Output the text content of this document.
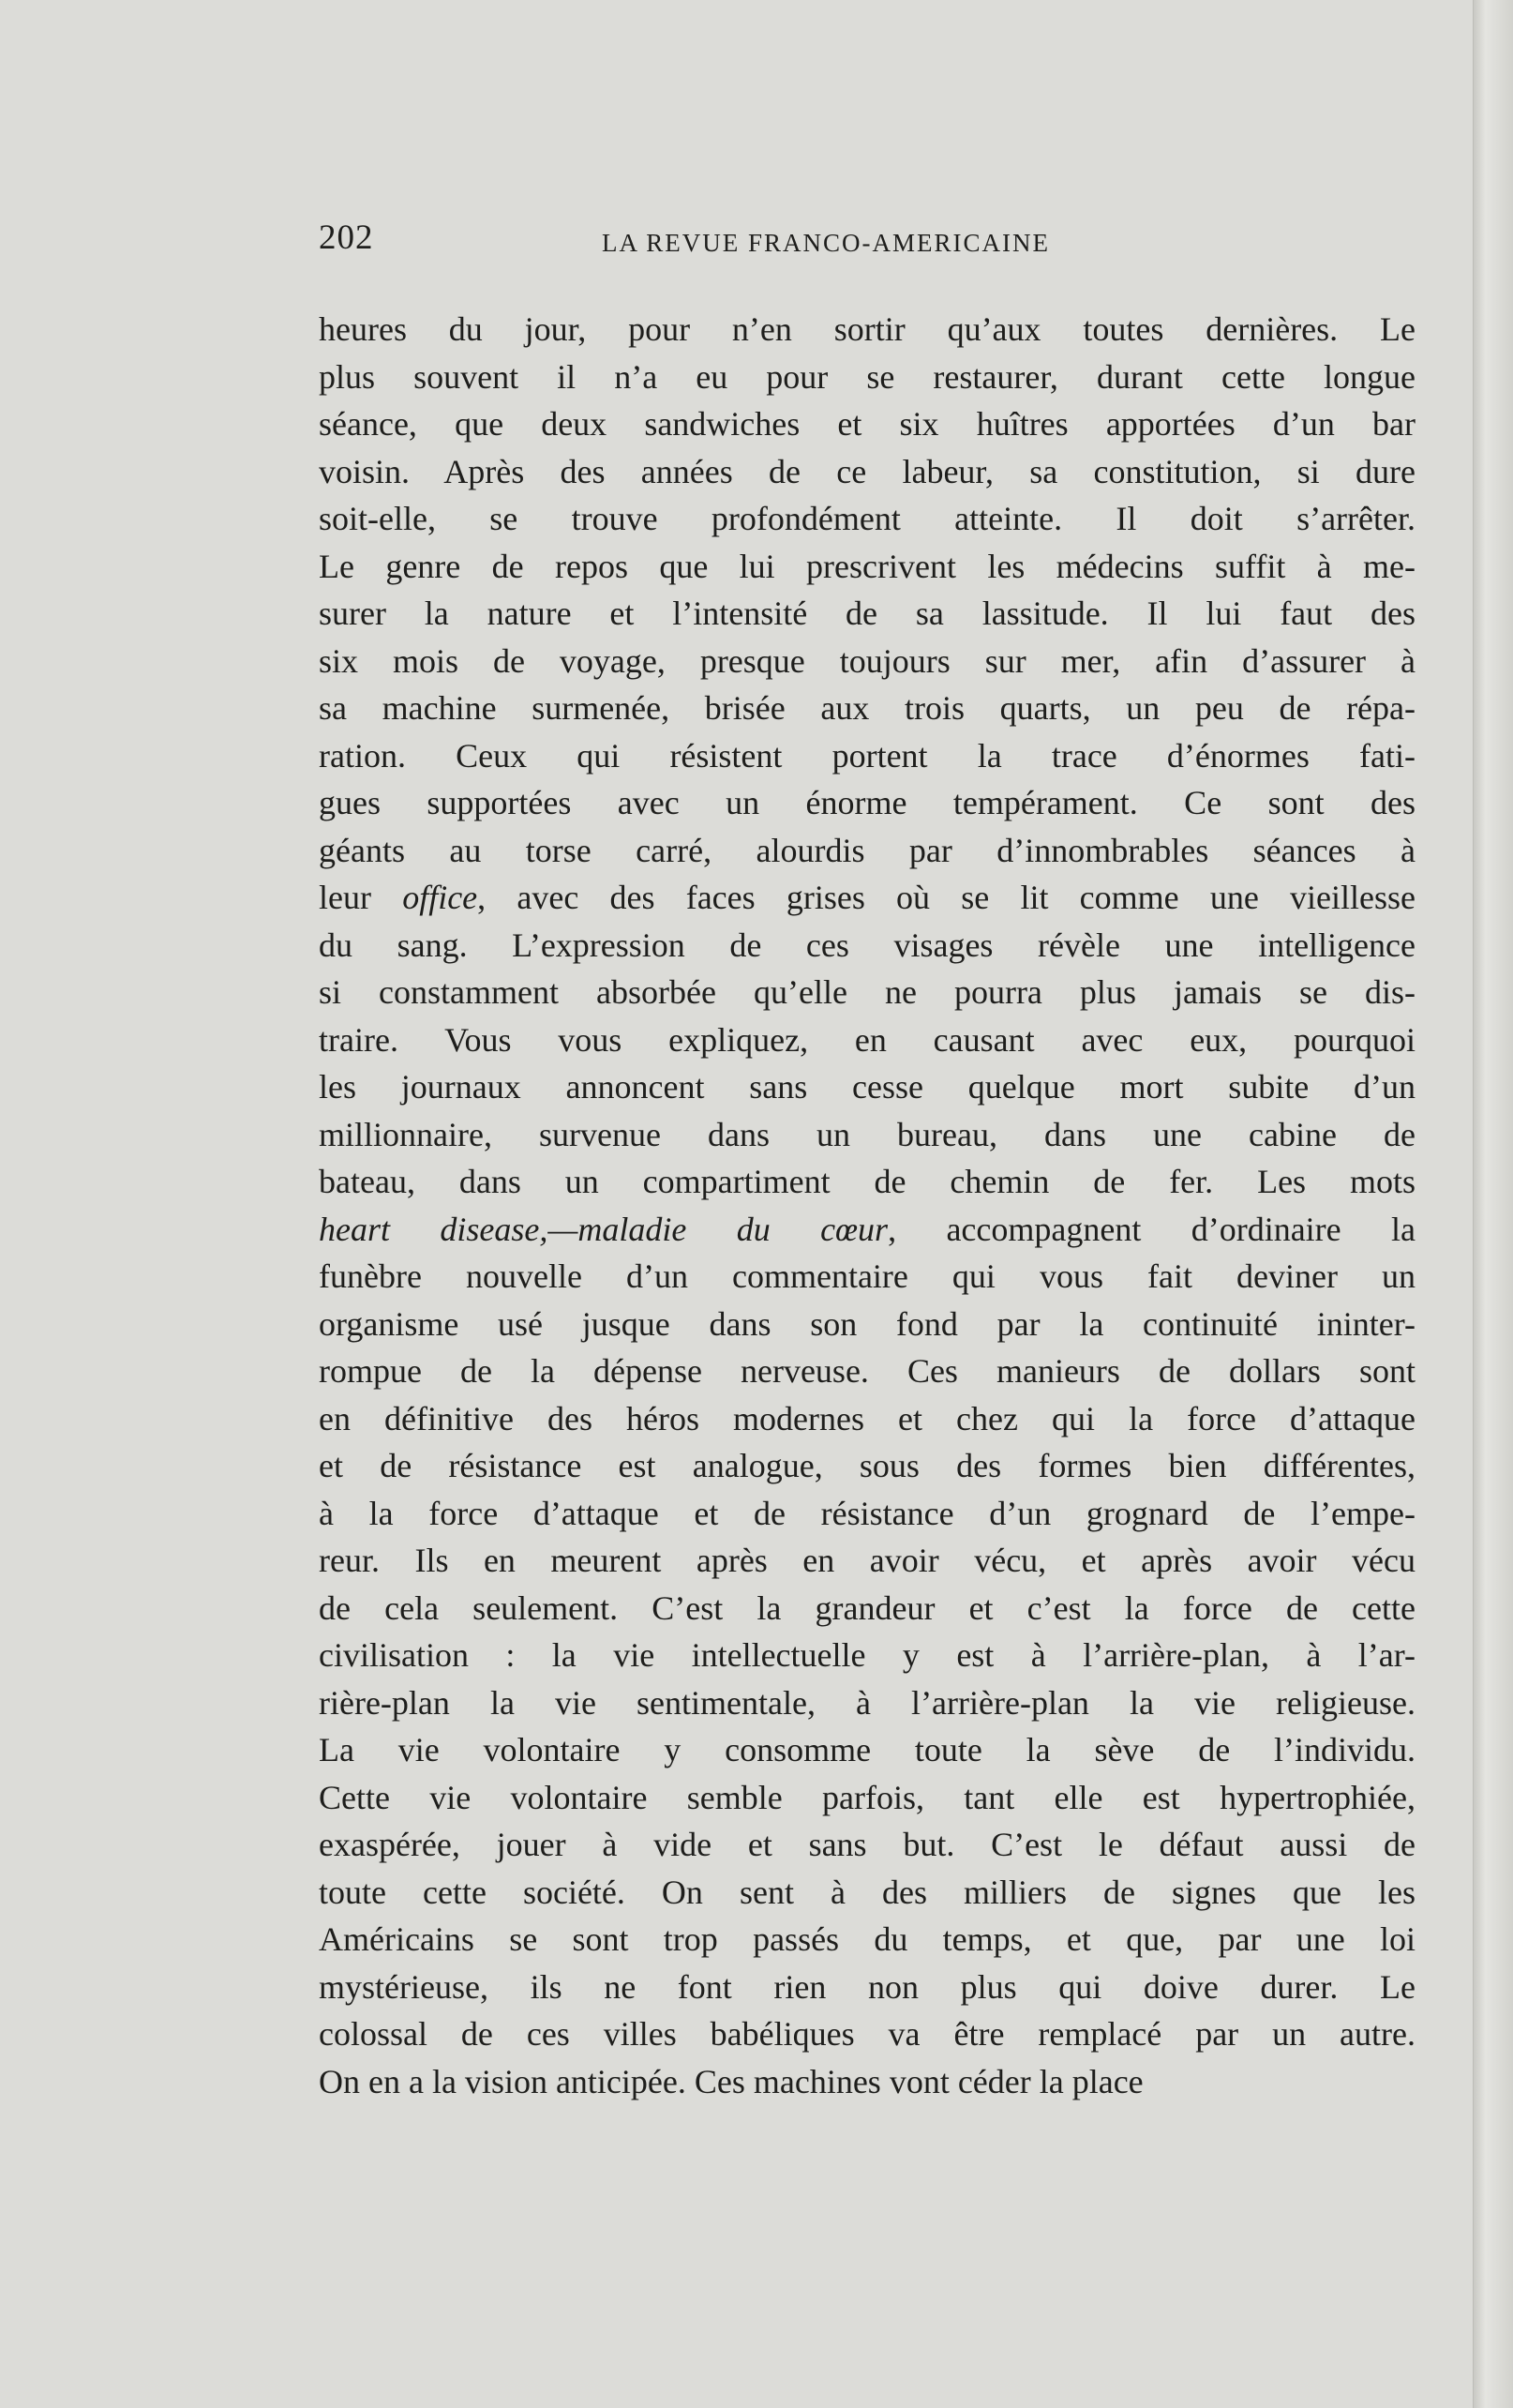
202	LA REVUE FRANCO-AMERICAINE
heures du jour, pour n’en sortir qu’aux toutes dernières. Le
plus souvent il n’a eu pour se restaurer, durant cette longue
séance, que deux sandwiches et six huîtres apportées d’un bar
voisin. Après des années de ce labeur, sa constitution, si dure
soit-elle, se trouve profondément atteinte. Il doit s’arrêter.
Le genre de repos que lui prescrivent les médecins suffit à me-
surer la nature et l’intensité de sa lassitude. Il lui faut des
six mois de voyage, presque toujours sur mer, afin d’assurer à
sa machine surmenée, brisée aux trois quarts, un peu de répa-
ration. Ceux qui résistent portent la trace d’énormes fati-
gues supportées avec un énorme tempérament. Ce sont des
géants au torse carré, alourdis par d’innombrables séances à
leur office, avec des faces grises où se lit comme une vieillesse
du sang. L’expression de ces visages révèle une intelligence
si constamment absorbée qu’elle ne pourra plus jamais se dis-
traire. Vous vous expliquez, en causant avec eux, pourquoi
les journaux annoncent sans cesse quelque mort subite d’un
millionnaire, survenue dans un bureau, dans une cabine de
bateau, dans un compartiment de chemin de fer. Les mots
heart disease,—maladie du cœur, accompagnent d’ordinaire la
funèbre nouvelle d’un commentaire qui vous fait deviner un
organisme usé jusque dans son fond par la continuité ininter-
rompue de la dépense nerveuse. Ces manieurs de dollars sont
en définitive des héros modernes et chez qui la force d’attaque
et de résistance est analogue, sous des formes bien différentes,
à la force d’attaque et de résistance d’un grognard de l’empe-
reur. Ils en meurent après en avoir vécu, et après avoir vécu
de cela seulement. C’est la grandeur et c’est la force de cette
civilisation : la vie intellectuelle y est à l’arrière-plan, à l’ar-
rière-plan la vie sentimentale, à l’arrière-plan la vie religieuse.
La vie volontaire y consomme toute la sève de l’individu.
Cette vie volontaire semble parfois, tant elle est hypertrophiée,
exaspérée, jouer à vide et sans but. C’est le défaut aussi de
toute cette société. On sent à des milliers de signes que les
Américains se sont trop passés du temps, et que, par une loi
mystérieuse, ils ne font rien non plus qui doive durer. Le
colossal de ces villes babéliques va être remplacé par un autre.
On en a la vision anticipée. Ces machines vont céder la place
